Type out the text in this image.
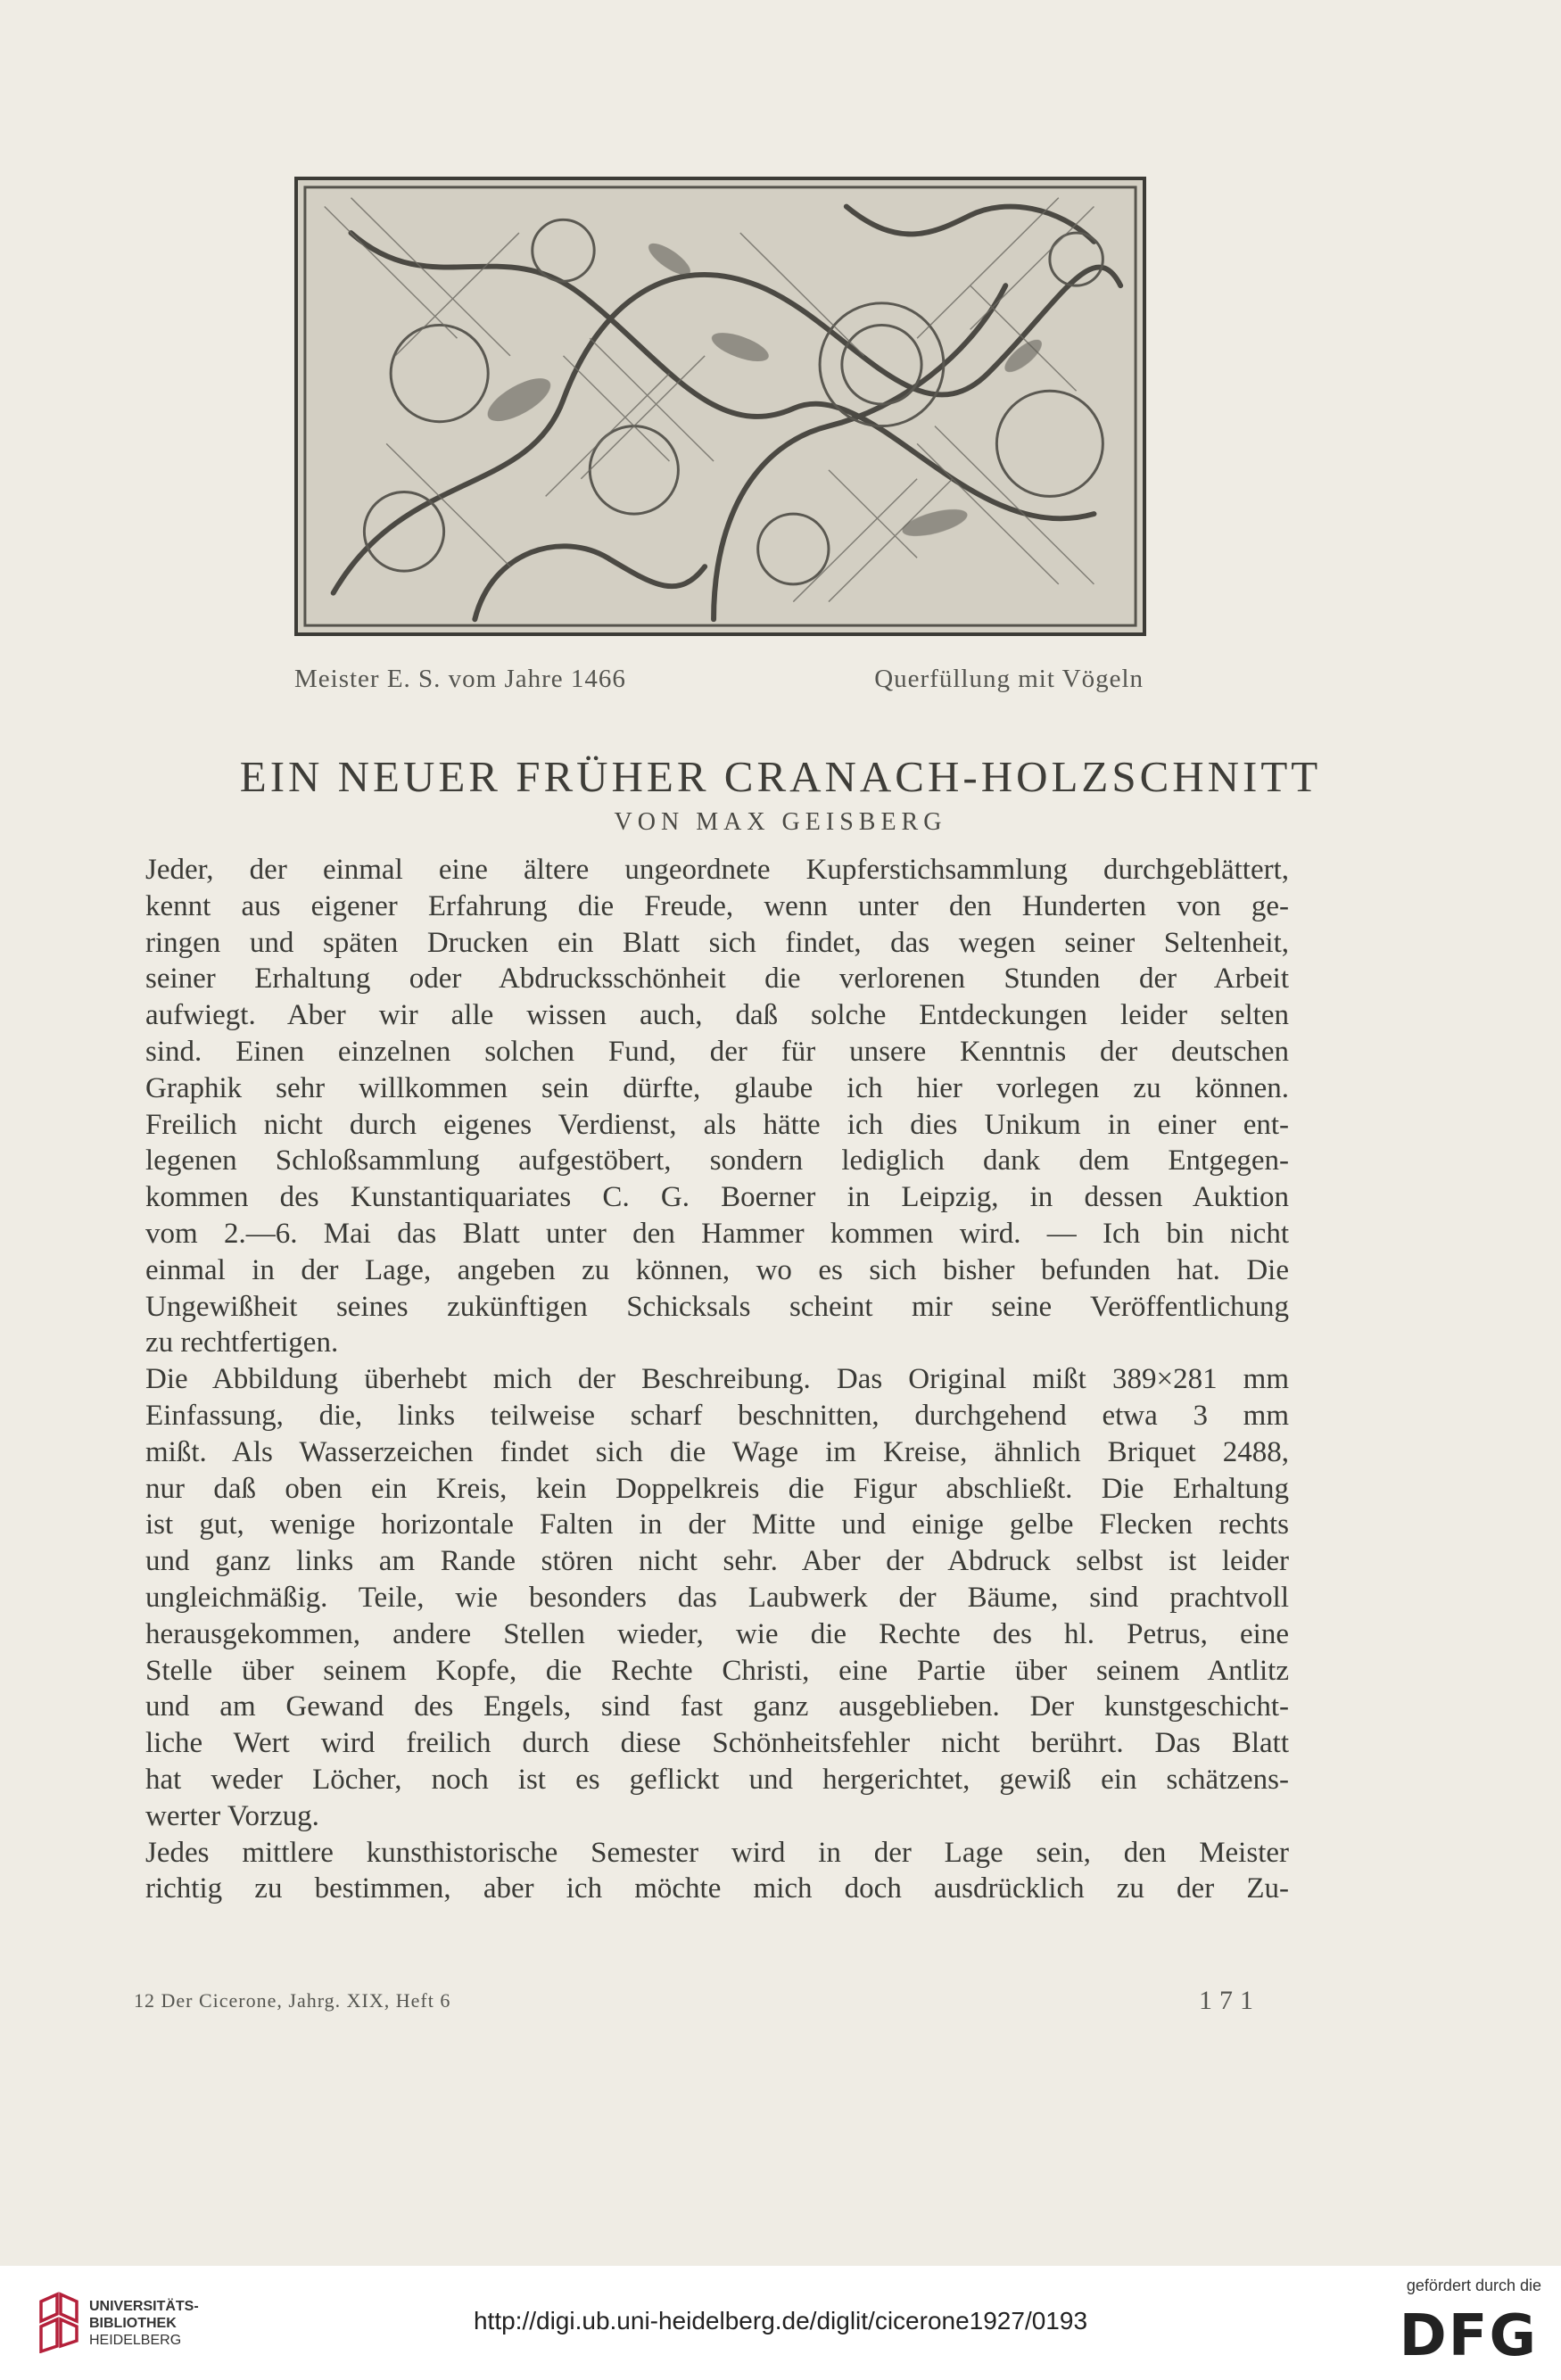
Meister E. S. vom Jahre 1466	Querfüllung mit Vögeln
EIN NEUER FRÜHER CRANACH-HOLZSCHNITT
VON MAX GEISBERG
Jeder, der einmal eine ältere ungeordnete Kupferstichsammlung durchgeblättert,
kennt aus eigener Erfahrung die Freude, wenn unter den Hunderten von ge-
ringen und späten Drucken ein Blatt sich findet, das wegen seiner Seltenheit,
seiner Erhaltung oder Abdrucksschönheit die verlorenen Stunden der Arbeit
aufwiegt. Aber wir alle wissen auch, daß solche Entdeckungen leider selten
sind. Einen einzelnen solchen Fund, der für unsere Kenntnis der deutschen
Graphik sehr willkommen sein dürfte, glaube ich hier vorlegen zu können.
Freilich nicht durch eigenes Verdienst, als hätte ich dies Unikum in einer ent-
legenen Schloßsammlung aufgestöbert, sondern lediglich dank dem Entgegen-
kommen des Kunstantiquariates C. G. Boerner in Leipzig, in dessen Auktion
vom 2.—6. Mai das Blatt unter den Hammer kommen wird. — Ich bin nicht
einmal in der Lage, angeben zu können, wo es sich bisher befunden hat. Die
Ungewißheit seines zukünftigen Schicksals scheint mir seine Veröffentlichung
zu rechtfertigen.
Die Abbildung überhebt mich der Beschreibung. Das Original mißt 389×281 mm
Einfassung, die, links teilweise scharf beschnitten, durchgehend etwa 3 mm
mißt. Als Wasserzeichen findet sich die Wage im Kreise, ähnlich Briquet 2488,
nur daß oben ein Kreis, kein Doppelkreis die Figur abschließt. Die Erhaltung
ist gut, wenige horizontale Falten in der Mitte und einige gelbe Flecken rechts
und ganz links am Rande stören nicht sehr. Aber der Abdruck selbst ist leider
ungleichmäßig. Teile, wie besonders das Laubwerk der Bäume, sind prachtvoll
herausgekommen, andere Stellen wieder, wie die Rechte des hl. Petrus, eine
Stelle über seinem Kopfe, die Rechte Christi, eine Partie über seinem Antlitz
und am Gewand des Engels, sind fast ganz ausgeblieben. Der kunstgeschicht-
liche Wert wird freilich durch diese Schönheitsfehler nicht berührt. Das Blatt
hat weder Löcher, noch ist es geflickt und hergerichtet, gewiß ein schätzens-
werter Vorzug.
Jedes mittlere kunsthistorische Semester wird in der Lage sein, den Meister
richtig zu bestimmen, aber ich möchte mich doch ausdrücklich zu der Zu-
12 Der Cicerone, Jahrg. XIX, Heft 6	171
UNIVERSITÄTS-
BIBLIOTHEK
HEIDELBERG
http://digi.ub.uni-heidelberg.de/diglit/cicerone1927/0193
gefördert durch die
DFG
